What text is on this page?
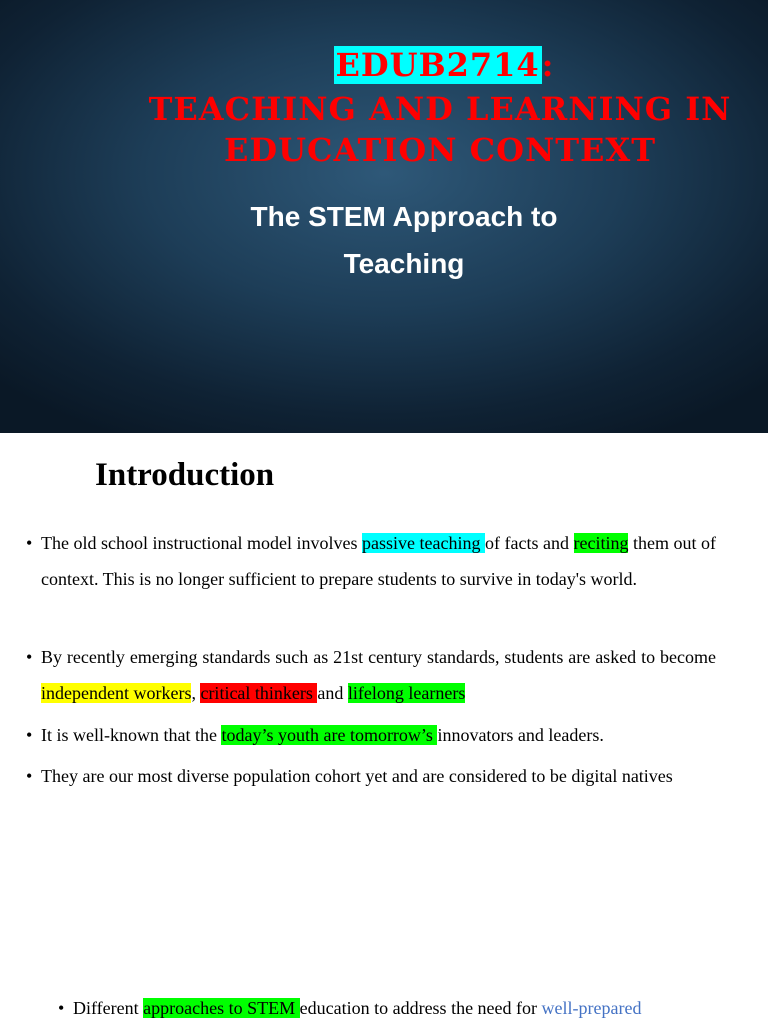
EDUB2714:
TEACHING AND LEARNING IN
EDUCATION CONTEXT
The STEM Approach to
Teaching
Introduction
• The old school instructional model involves passive teaching of facts and reciting them out of context. This is no longer sufficient to prepare students to survive in today's world.
• By recently emerging standards such as 21st century standards, students are asked to become independent workers, critical thinkers and lifelong learners
• It is well-known that the today’s youth are tomorrow’s innovators and leaders.
• They are our most diverse population cohort yet and are considered to be digital natives
• Different approaches to STEM education to address the need for well-prepared
